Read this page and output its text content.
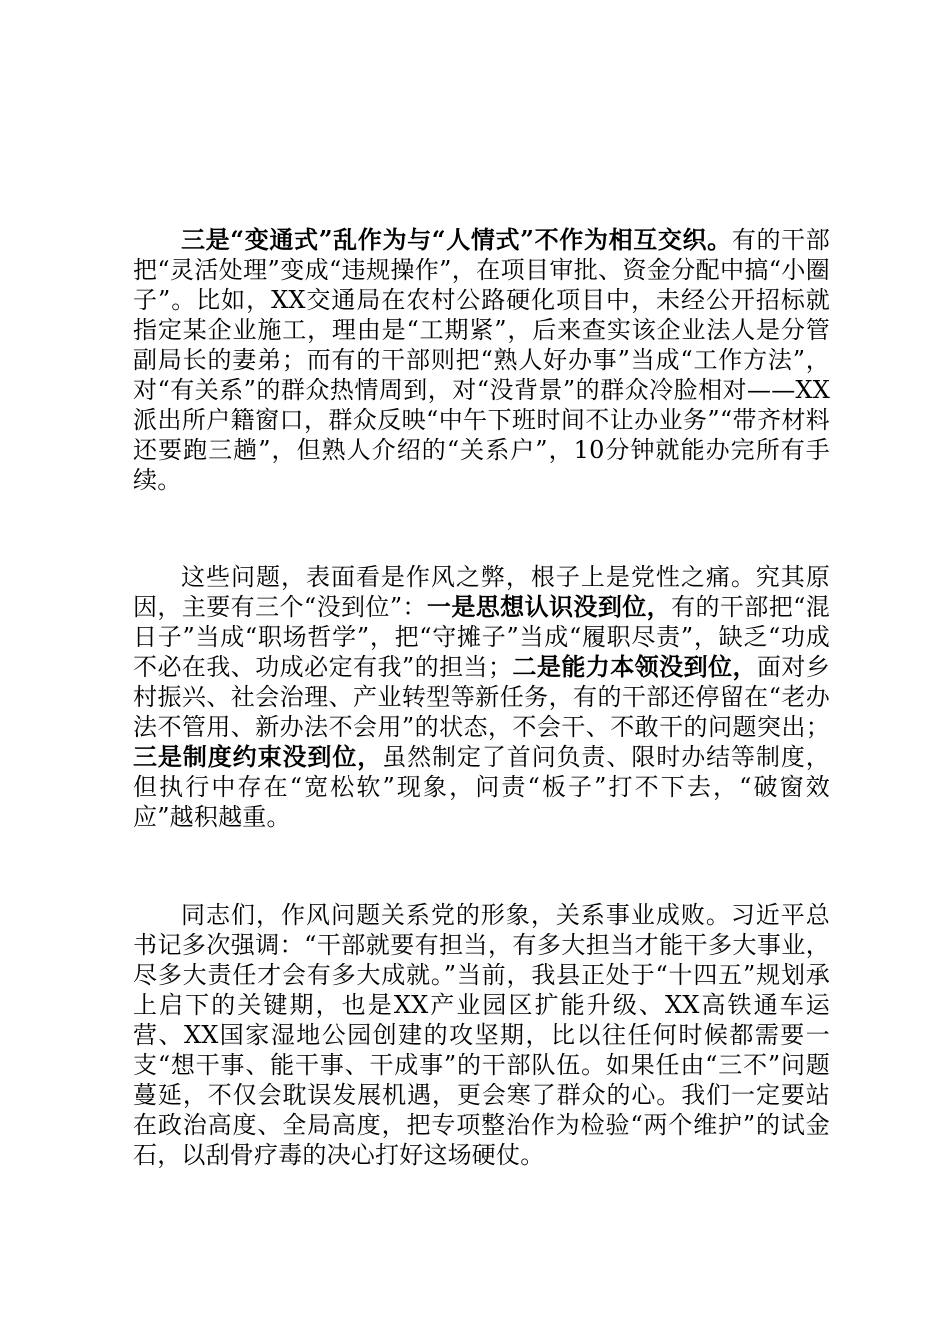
三是“变通式”乱作为与“人情式”不作为相互交织。有的干部把“灵活处理”变成“违规操作”，在项目审批、资金分配中搞“小圈子”。比如，XX交通局在农村公路硬化项目中，未经公开招标就指定某企业施工，理由是“工期紧”，后来查实该企业法人是分管副局长的妻弟；而有的干部则把“熟人好办事”当成“工作方法”，对“有关系”的群众热情周到，对“没背景”的群众冷脸相对——XX派出所户籍窗口，群众反映“中午下班时间不让办业务”“带齐材料还要跑三趟”，但熟人介绍的“关系户”，10分钟就能办完所有手续。

这些问题，表面看是作风之弊，根子上是党性之痛。究其原因，主要有三个“没到位”：一是思想认识没到位，有的干部把“混日子”当成“职场哲学”，把“守摊子”当成“履职尽责”，缺乏“功成不必在我、功成必定有我”的担当；二是能力本领没到位，面对乡村振兴、社会治理、产业转型等新任务，有的干部还停留在“老办法不管用、新办法不会用”的状态，不会干、不敢干的问题突出；三是制度约束没到位，虽然制定了首问负责、限时办结等制度，但执行中存在“宽松软”现象，问责“板子”打不下去，“破窗效应”越积越重。

同志们，作风问题关系党的形象，关系事业成败。习近平总书记多次强调：“干部就要有担当，有多大担当才能干多大事业，尽多大责任才会有多大成就。”当前，我县正处于“十四五”规划承上启下的关键期，也是XX产业园区扩能升级、XX高铁通车运营、XX国家湿地公园创建的攻坚期，比以往任何时候都需要一支“想干事、能干事、干成事”的干部队伍。如果任由“三不”问题蔓延，不仅会耽误发展机遇，更会寒了群众的心。我们一定要站在政治高度、全局高度，把专项整治作为检验“两个维护”的试金石，以刮骨疗毒的决心打好这场硬仗。
